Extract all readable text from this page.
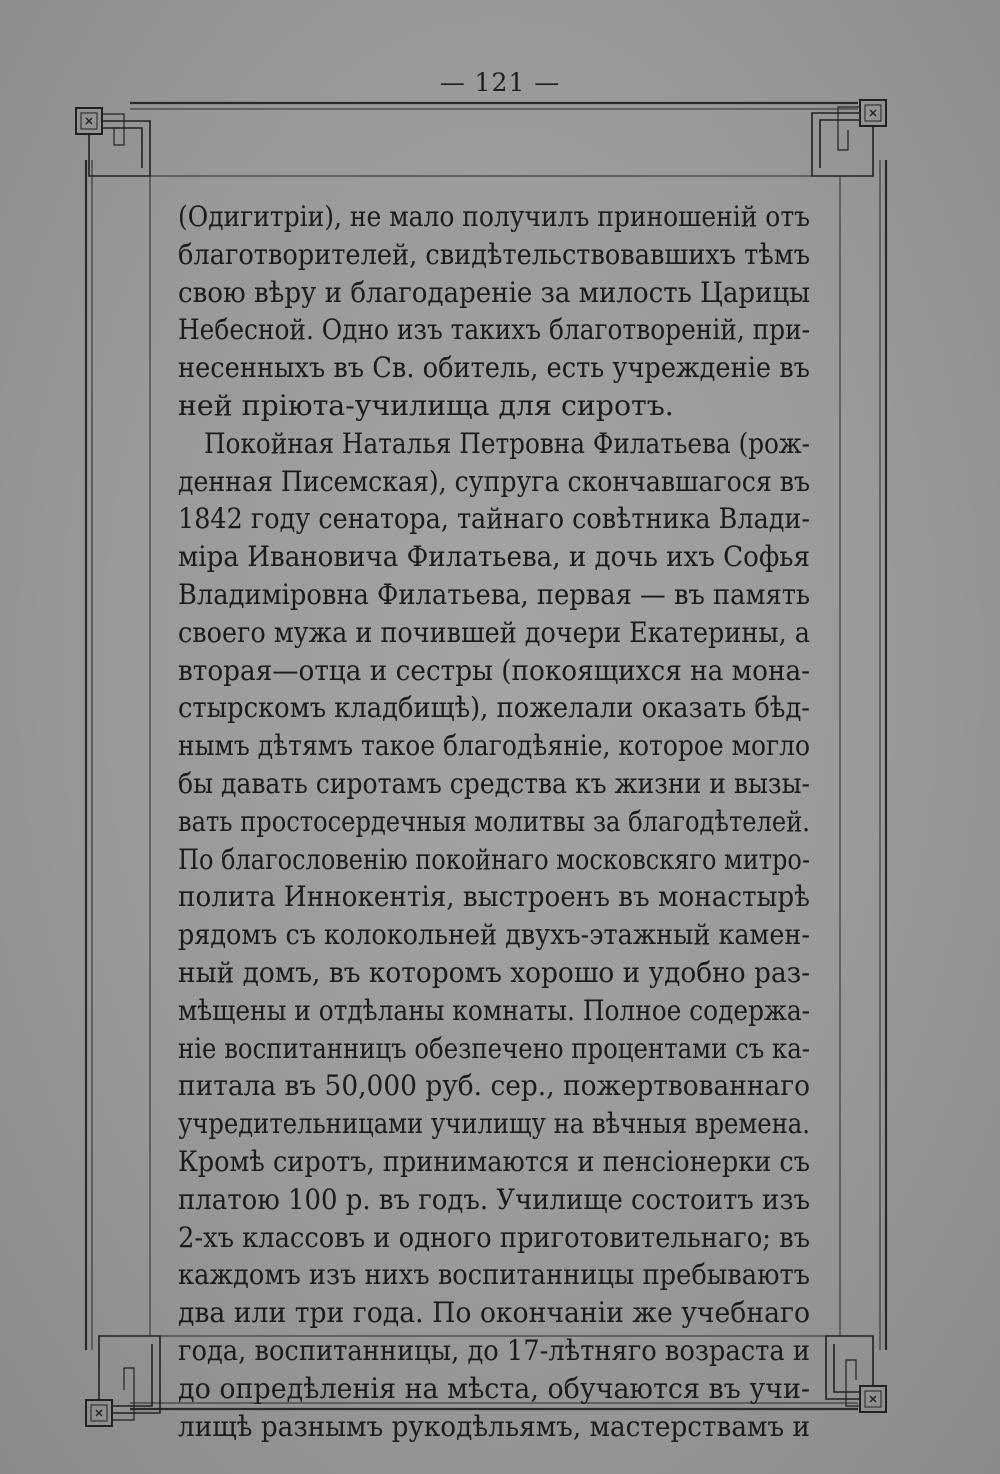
— 121 —
(Одигитріи), не мало получилъ приношеній отъ
благотворителей, свидѣтельствовавшихъ тѣмъ
свою вѣру и благодареніе за милость Царицы
Небесной. Одно изъ такихъ благотвореній, при-
несенныхъ въ Св. обитель, есть учрежденіе въ
ней пріюта-училища для сиротъ.
Покойная Наталья Петровна Филатьева (рож-
денная Писемская), супруга скончавшагося въ
1842 году сенатора, тайнаго совѣтника Влади-
міра Ивановича Филатьева, и дочь ихъ Софья
Владиміровна Филатьева, первая — въ память
своего мужа и почившей дочери Екатерины, а
вторая—отца и сестры (покоящихся на мона-
стырскомъ кладбищѣ), пожелали оказать бѣд-
нымъ дѣтямъ такое благодѣяніе, которое могло
бы давать сиротамъ средства къ жизни и вызы-
вать простосердечныя молитвы за благодѣтелей.
По благословенію покойнаго московскяго митро-
полита Иннокентія, выстроенъ въ монастырѣ
рядомъ съ колокольней двухъ-этажный камен-
ный домъ, въ которомъ хорошо и удобно раз-
мѣщены и отдѣланы комнаты. Полное содержа-
ніе воспитанницъ обезпечено процентами съ ка-
питала въ 50,000 руб. сер., пожертвованнаго
учредительницами училищу на вѣчныя времена.
Кромѣ сиротъ, принимаются и пенсіонерки съ
платою 100 р. въ годъ. Училище состоитъ изъ
2-хъ классовъ и одного приготовительнаго; въ
каждомъ изъ нихъ воспитанницы пребываютъ
два или три года. По окончаніи же учебнаго
года, воспитанницы, до 17-лѣтняго возраста и
до опредѣленія на мѣста, обучаются въ учи-
лищѣ разнымъ рукодѣльямъ, мастерствамъ и
